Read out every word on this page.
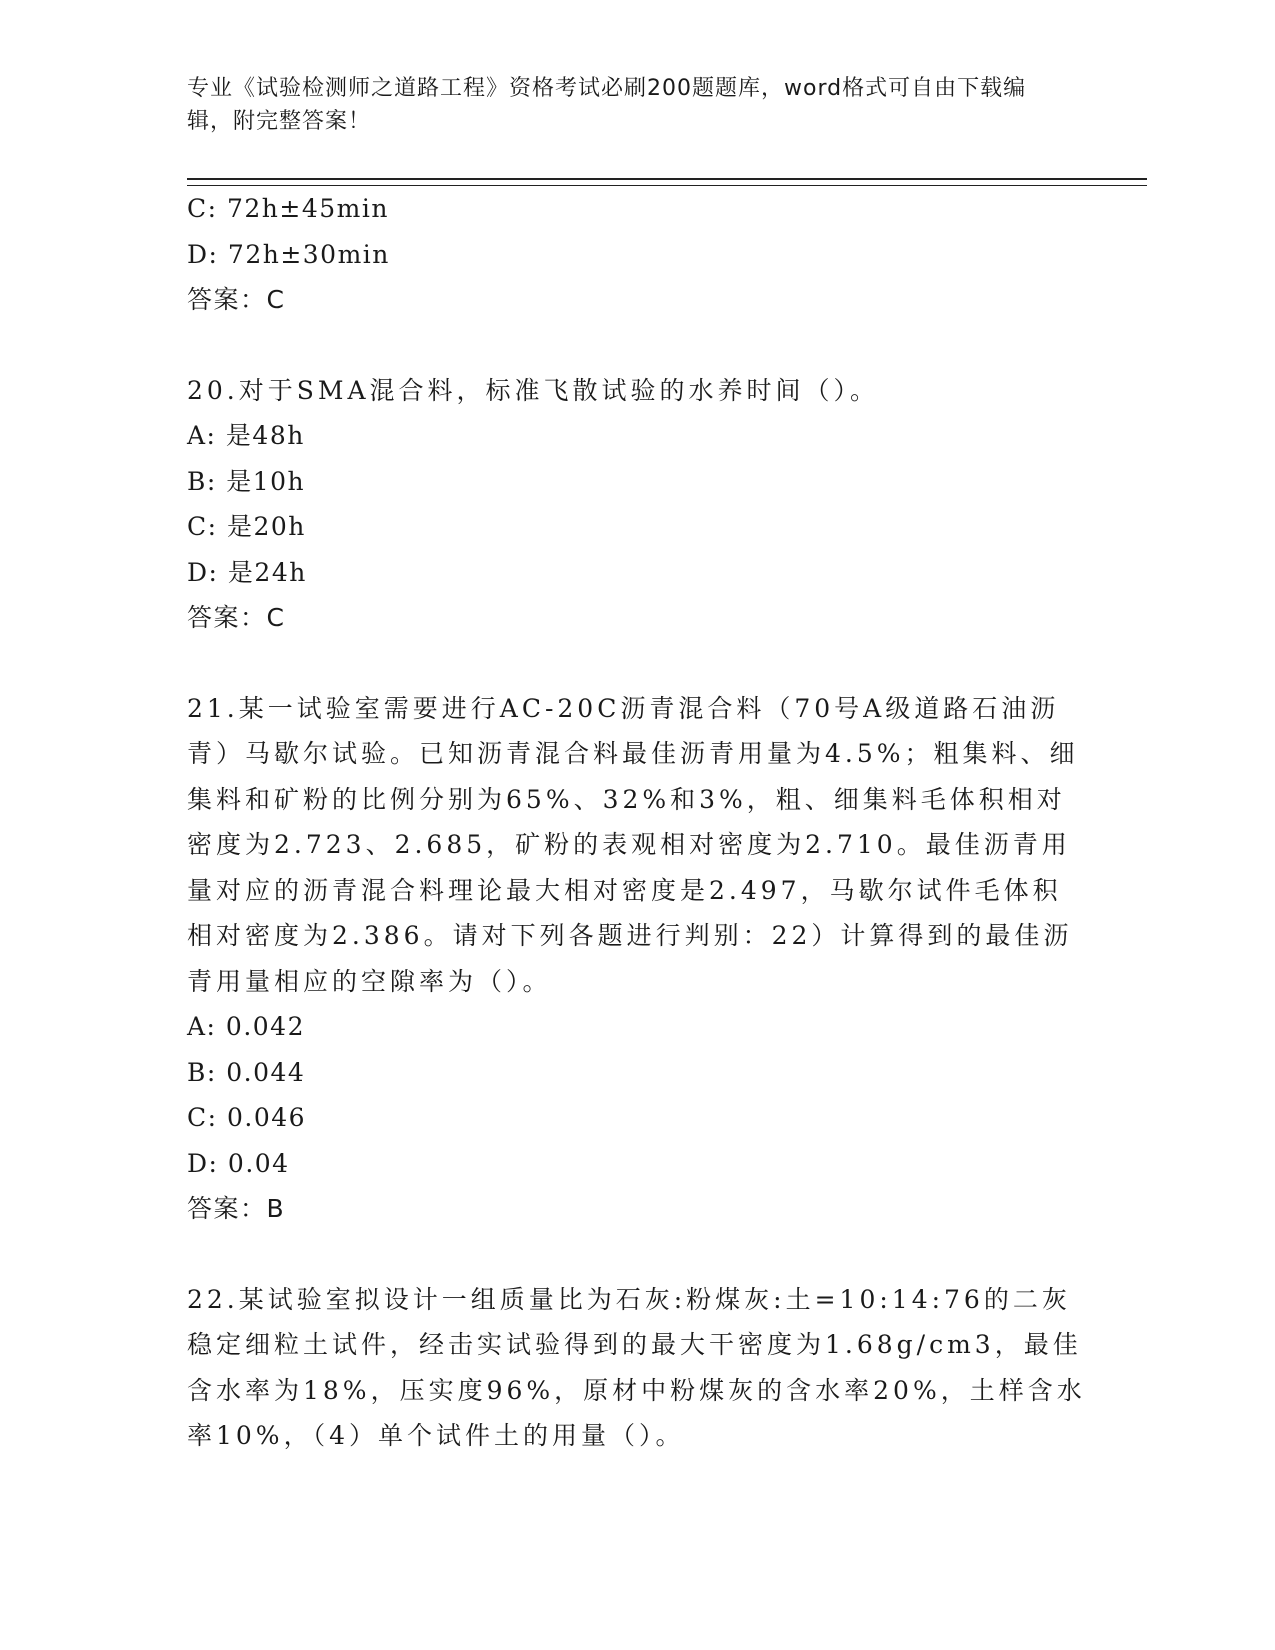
专业《试验检测师之道路工程》资格考试必刷200题题库，word格式可自由下载编辑，附完整答案！

C: 72h±45min

D: 72h±30min

答案：C

20.对于SMA混合料，标准飞散试验的水养时间（）。

A: 是48h

B: 是10h

C: 是20h

D: 是24h

答案：C

21.某一试验室需要进行AC-20C沥青混合料（70号A级道路石油沥青）马歇尔试验。已知沥青混合料最佳沥青用量为4.5%；粗集料、细集料和矿粉的比例分别为65%、32%和3%，粗、细集料毛体积相对密度为2.723、2.685，矿粉的表观相对密度为2.710。最佳沥青用量对应的沥青混合料理论最大相对密度是2.497，马歇尔试件毛体积相对密度为2.386。请对下列各题进行判别：22）计算得到的最佳沥青用量相应的空隙率为（）。

A: 0.042

B: 0.044

C: 0.046

D: 0.04

答案：B

22.某试验室拟设计一组质量比为石灰:粉煤灰:土=10:14:76的二灰稳定细粒土试件，经击实试验得到的最大干密度为1.68g/cm3，最佳含水率为18%，压实度96%，原材中粉煤灰的含水率20%，土样含水率10%，（4）单个试件土的用量（）。
